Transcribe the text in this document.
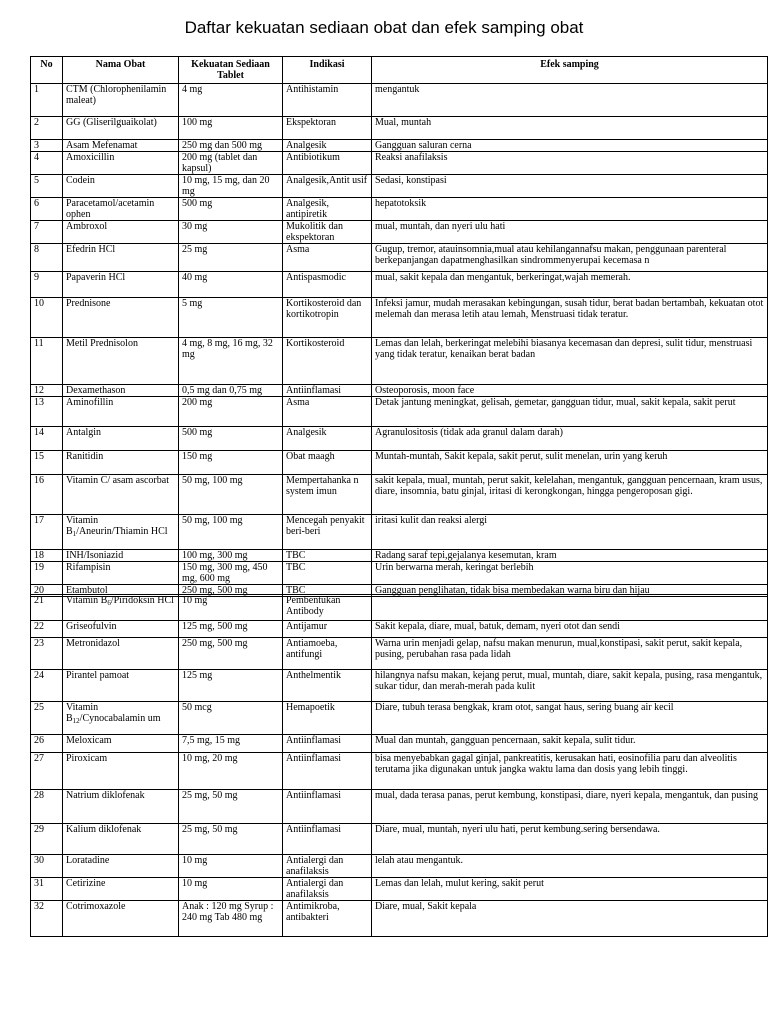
Daftar kekuatan sediaan obat dan efek samping obat
No	Nama Obat	Kekuatan Sediaan Tablet	Indikasi	Efek samping
1	CTM (Chlorophenilamin maleat)	4 mg	Antihistamin	mengantuk
2	GG (Gliserilguaikolat)	100 mg	Ekspektoran	Mual, muntah
3	Asam Mefenamat	250 mg dan 500 mg	Analgesik	Gangguan saluran cerna
4	Amoxicillin	200 mg (tablet dan kapsul)	Antibiotikum	Reaksi anafilaksis
5	Codein	10 mg, 15 mg, dan 20 mg	Analgesik,Antit usif	Sedasi, konstipasi
6	Paracetamol/acetamin ophen	500 mg	Analgesik, antipiretik	hepatotoksik
7	Ambroxol	30 mg	Mukolitik dan ekspektoran	mual, muntah, dan nyeri ulu hati
8	Efedrin HCl	25 mg	Asma	Gugup, tremor, atauinsomnia,mual atau kehilangannafsu makan, penggunaan parenteral berkepanjangan dapatmenghasilkan sindrommenyerupai kecemasa n
9	Papaverin HCl	40 mg	Antispasmodic	mual, sakit kepala dan mengantuk, berkeringat,wajah memerah.
10	Prednisone	5 mg	Kortikosteroid dan kortikotropin	Infeksi jamur, mudah merasakan kebingungan, susah tidur, berat badan bertambah, kekuatan otot melemah dan merasa letih atau lemah, Menstruasi tidak teratur.
11	Metil Prednisolon	4 mg, 8 mg, 16 mg, 32 mg	Kortikosteroid	Lemas dan lelah, berkeringat melebihi biasanya kecemasan dan depresi, sulit tidur, menstruasi yang tidak teratur, kenaikan berat badan
12	Dexamethason	0,5 mg dan 0,75 mg	Antiinflamasi	Osteoporosis, moon face
13	Aminofillin	200 mg	Asma	Detak jantung meningkat, gelisah, gemetar, gangguan tidur, mual, sakit kepala, sakit perut
14	Antalgin	500 mg	Analgesik	Agranulositosis (tidak ada granul dalam darah)
15	Ranitidin	150 mg	Obat maagh	Muntah-muntah, Sakit kepala, sakit perut, sulit menelan, urin yang keruh
16	Vitamin C/ asam ascorbat	50 mg, 100 mg	Mempertahanka n system imun	sakit kepala, mual, muntah, perut sakit, kelelahan, mengantuk, gangguan pencernaan, kram usus, diare, insomnia, batu ginjal, iritasi di kerongkongan, hingga pengeroposan gigi.
17	Vitamin $B_1/Aneurin$/Thiamin HCl	50 mg, 100 mg	Mencegah penyakit beri-beri	iritasi kulit dan reaksi alergi
18	INH/Isoniazid	100 mg, 300 mg	TBC	Radang saraf tepi,gejalanya kesemutan, kram
19	Rifampisin	150 mg, 300 mg, 450 mg, 600 mg	TBC	Urin berwarna merah, keringat berlebih
20	Etambutol	250 mg, 500 mg	TBC	Gangguan penglihatan, tidak bisa membedakan warna biru dan hijau
21	Vitamin $B_6$/Piridoksin HCl	10 mg	Pembentukan Antibody	
22	Griseofulvin	125 mg, 500 mg	Antijamur	Sakit kepala, diare, mual, batuk, demam, nyeri otot dan sendi
23	Metronidazol	250 mg, 500 mg	Antiamoeba, antifungi	Warna urin menjadi gelap, nafsu makan menurun, mual,konstipasi, sakit perut, sakit kepala, pusing, perubahan rasa pada lidah
24	Pirantel pamoat	125 mg	Anthelmentik	hilangnya nafsu makan, kejang perut, mual, muntah, diare, sakit kepala, pusing, rasa mengantuk, sukar tidur, dan merah-merah pada kulit
25	Vitamin $B_{12}$/Cynocabalamin um	50 mcg	Hemapoetik	Diare, tubuh terasa bengkak, kram otot, sangat haus, sering buang air kecil
26	Meloxicam	7,5 mg, 15 mg	Antiinflamasi	Mual dan muntah, gangguan pencernaan, sakit kepala, sulit tidur.
27	Piroxicam	10 mg, 20 mg	Antiinflamasi	bisa menyebabkan gagal ginjal, pankreatitis, kerusakan hati, eosinofilia paru dan alveolitis terutama jika digunakan untuk jangka waktu lama dan dosis yang lebih tinggi.
28	Natrium diklofenak	25 mg, 50 mg	Antiinflamasi	mual, dada terasa panas, perut kembung, konstipasi, diare, nyeri kepala, mengantuk, dan pusing
29	Kalium diklofenak	25 mg, 50 mg	Antiinflamasi	Diare, mual, muntah, nyeri ulu hati, perut kembung.sering bersendawa.
30	Loratadine	10 mg	Antialergi dan anafilaksis	lelah atau mengantuk.
31	Cetirizine	10 mg	Antialergi dan anafilaksis	Lemas dan lelah, mulut kering, sakit perut
32	Cotrimoxazole	Anak : 120 mg Syrup : 240 mg Tab 480 mg	Antimikroba, antibakteri	Diare, mual, Sakit kepala
